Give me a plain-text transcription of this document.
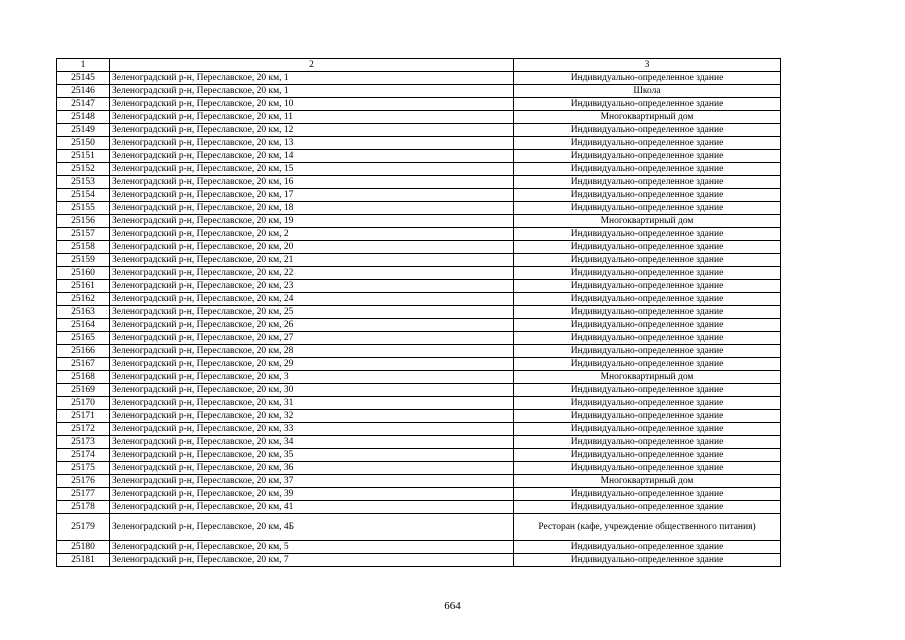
1	2	3
25145	Зеленоградский р-н, Переславское, 20 км, 1	Индивидуально-определенное здание
25146	Зеленоградский р-н, Переславское, 20 км, 1	Школа
25147	Зеленоградский р-н, Переславское, 20 км, 10	Индивидуально-определенное здание
25148	Зеленоградский р-н, Переславское, 20 км, 11	Многоквартирный дом
25149	Зеленоградский р-н, Переславское, 20 км, 12	Индивидуально-определенное здание
25150	Зеленоградский р-н, Переславское, 20 км, 13	Индивидуально-определенное здание
25151	Зеленоградский р-н, Переславское, 20 км, 14	Индивидуально-определенное здание
25152	Зеленоградский р-н, Переславское, 20 км, 15	Индивидуально-определенное здание
25153	Зеленоградский р-н, Переславское, 20 км, 16	Индивидуально-определенное здание
25154	Зеленоградский р-н, Переславское, 20 км, 17	Индивидуально-определенное здание
25155	Зеленоградский р-н, Переславское, 20 км, 18	Индивидуально-определенное здание
25156	Зеленоградский р-н, Переславское, 20 км, 19	Многоквартирный дом
25157	Зеленоградский р-н, Переславское, 20 км, 2	Индивидуально-определенное здание
25158	Зеленоградский р-н, Переславское, 20 км, 20	Индивидуально-определенное здание
25159	Зеленоградский р-н, Переславское, 20 км, 21	Индивидуально-определенное здание
25160	Зеленоградский р-н, Переславское, 20 км, 22	Индивидуально-определенное здание
25161	Зеленоградский р-н, Переславское, 20 км, 23	Индивидуально-определенное здание
25162	Зеленоградский р-н, Переславское, 20 км, 24	Индивидуально-определенное здание
25163	Зеленоградский р-н, Переславское, 20 км, 25	Индивидуально-определенное здание
25164	Зеленоградский р-н, Переславское, 20 км, 26	Индивидуально-определенное здание
25165	Зеленоградский р-н, Переславское, 20 км, 27	Индивидуально-определенное здание
25166	Зеленоградский р-н, Переславское, 20 км, 28	Индивидуально-определенное здание
25167	Зеленоградский р-н, Переславское, 20 км, 29	Индивидуально-определенное здание
25168	Зеленоградский р-н, Переславское, 20 км, 3	Многоквартирный дом
25169	Зеленоградский р-н, Переславское, 20 км, 30	Индивидуально-определенное здание
25170	Зеленоградский р-н, Переславское, 20 км, 31	Индивидуально-определенное здание
25171	Зеленоградский р-н, Переславское, 20 км, 32	Индивидуально-определенное здание
25172	Зеленоградский р-н, Переславское, 20 км, 33	Индивидуально-определенное здание
25173	Зеленоградский р-н, Переславское, 20 км, 34	Индивидуально-определенное здание
25174	Зеленоградский р-н, Переславское, 20 км, 35	Индивидуально-определенное здание
25175	Зеленоградский р-н, Переславское, 20 км, 36	Индивидуально-определенное здание
25176	Зеленоградский р-н, Переславское, 20 км, 37	Многоквартирный дом
25177	Зеленоградский р-н, Переславское, 20 км, 39	Индивидуально-определенное здание
25178	Зеленоградский р-н, Переславское, 20 км, 41	Индивидуально-определенное здание
25179	Зеленоградский р-н, Переславское, 20 км, 4Б	Ресторан (кафе, учреждение общественного питания)
25180	Зеленоградский р-н, Переславское, 20 км, 5	Индивидуально-определенное здание
25181	Зеленоградский р-н, Переславское, 20 км, 7	Индивидуально-определенное здание
664
